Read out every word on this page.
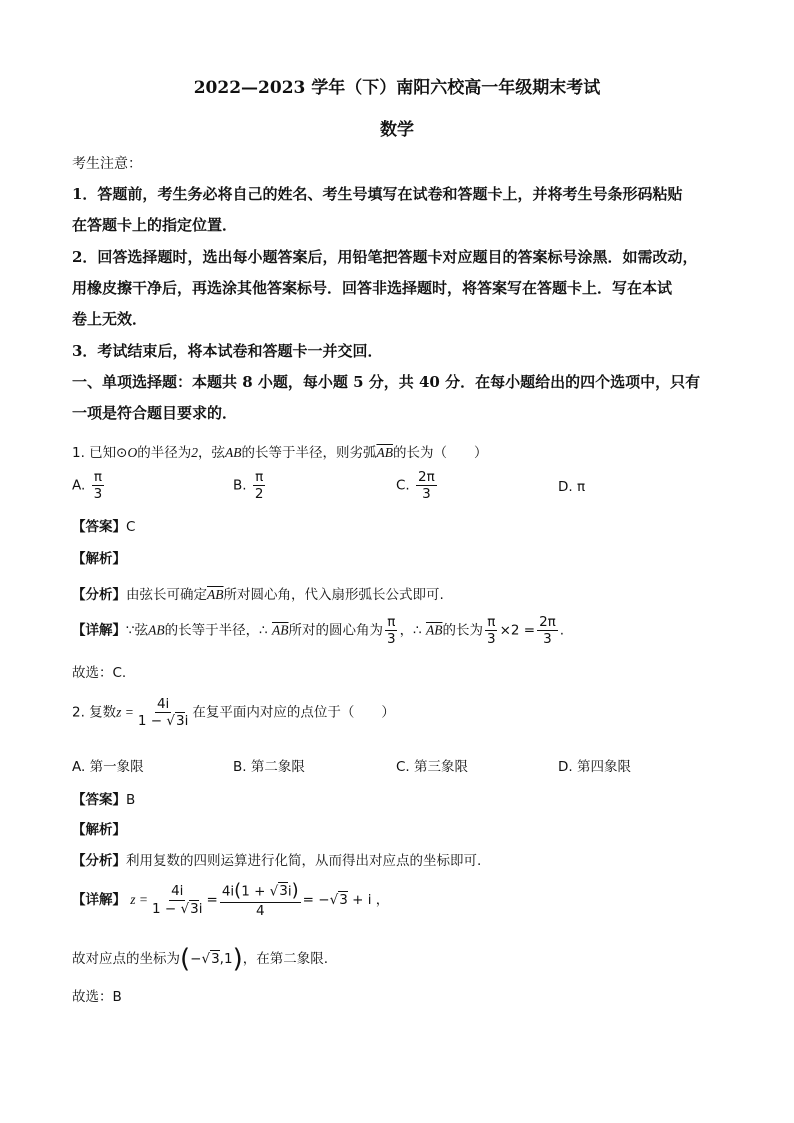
2022—2023 学年（下）南阳六校高一年级期末考试
数学
考生注意：
1．答题前，考生务必将自己的姓名、考生号填写在试卷和答题卡上，并将考生号条形码粘贴
在答题卡上的指定位置．
2．回答选择题时，选出每小题答案后，用铅笔把答题卡对应题目的答案标号涂黑．如需改动，
用橡皮擦干净后，再选涂其他答案标号．回答非选择题时，将答案写在答题卡上．写在本试
卷上无效．
3．考试结束后，将本试卷和答题卡一并交回．
一、单项选择题：本题共 8 小题，每小题 5 分，共 40 分．在每小题给出的四个选项中，只有
一项是符合题目要求的．
1. 已知⊙O的半径为2，弦AB的长等于半径，则劣弧$\overline{AB}$的长为（　　）
A. $\frac{\pi}{3}$	B. $\frac{\pi}{2}$	C. $\frac{2\pi}{3}$	D. π
【答案】C
【解析】
【分析】由弦长可确定$\overline{AB}$所对圆心角，代入扇形弧长公式即可.
【详解】∵弦AB的长等于半径，∴ $\overline{AB}$所对的圆心角为 $\frac{\pi}{3}$ ，∴ $\overline{AB}$的长为 $\frac{\pi}{3} \times 2 = \frac{2\pi}{3}$ .
故选：C.
2. 复数$z = \frac{4i}{1 - √3i}$ 在复平面内对应的点位于（　　）
A. 第一象限	B. 第二象限	C. 第三象限	D. 第四象限
【答案】B
【解析】
【分析】利用复数的四则运算进行化简，从而得出对应点的坐标即可.
【详解】 $z = \frac{4i}{1 - √3i} = \frac{4i(1 + √3i)}{4} = -√3 + i$ ，
故对应点的坐标为(−√3,1)，在第二象限.
故选：B
